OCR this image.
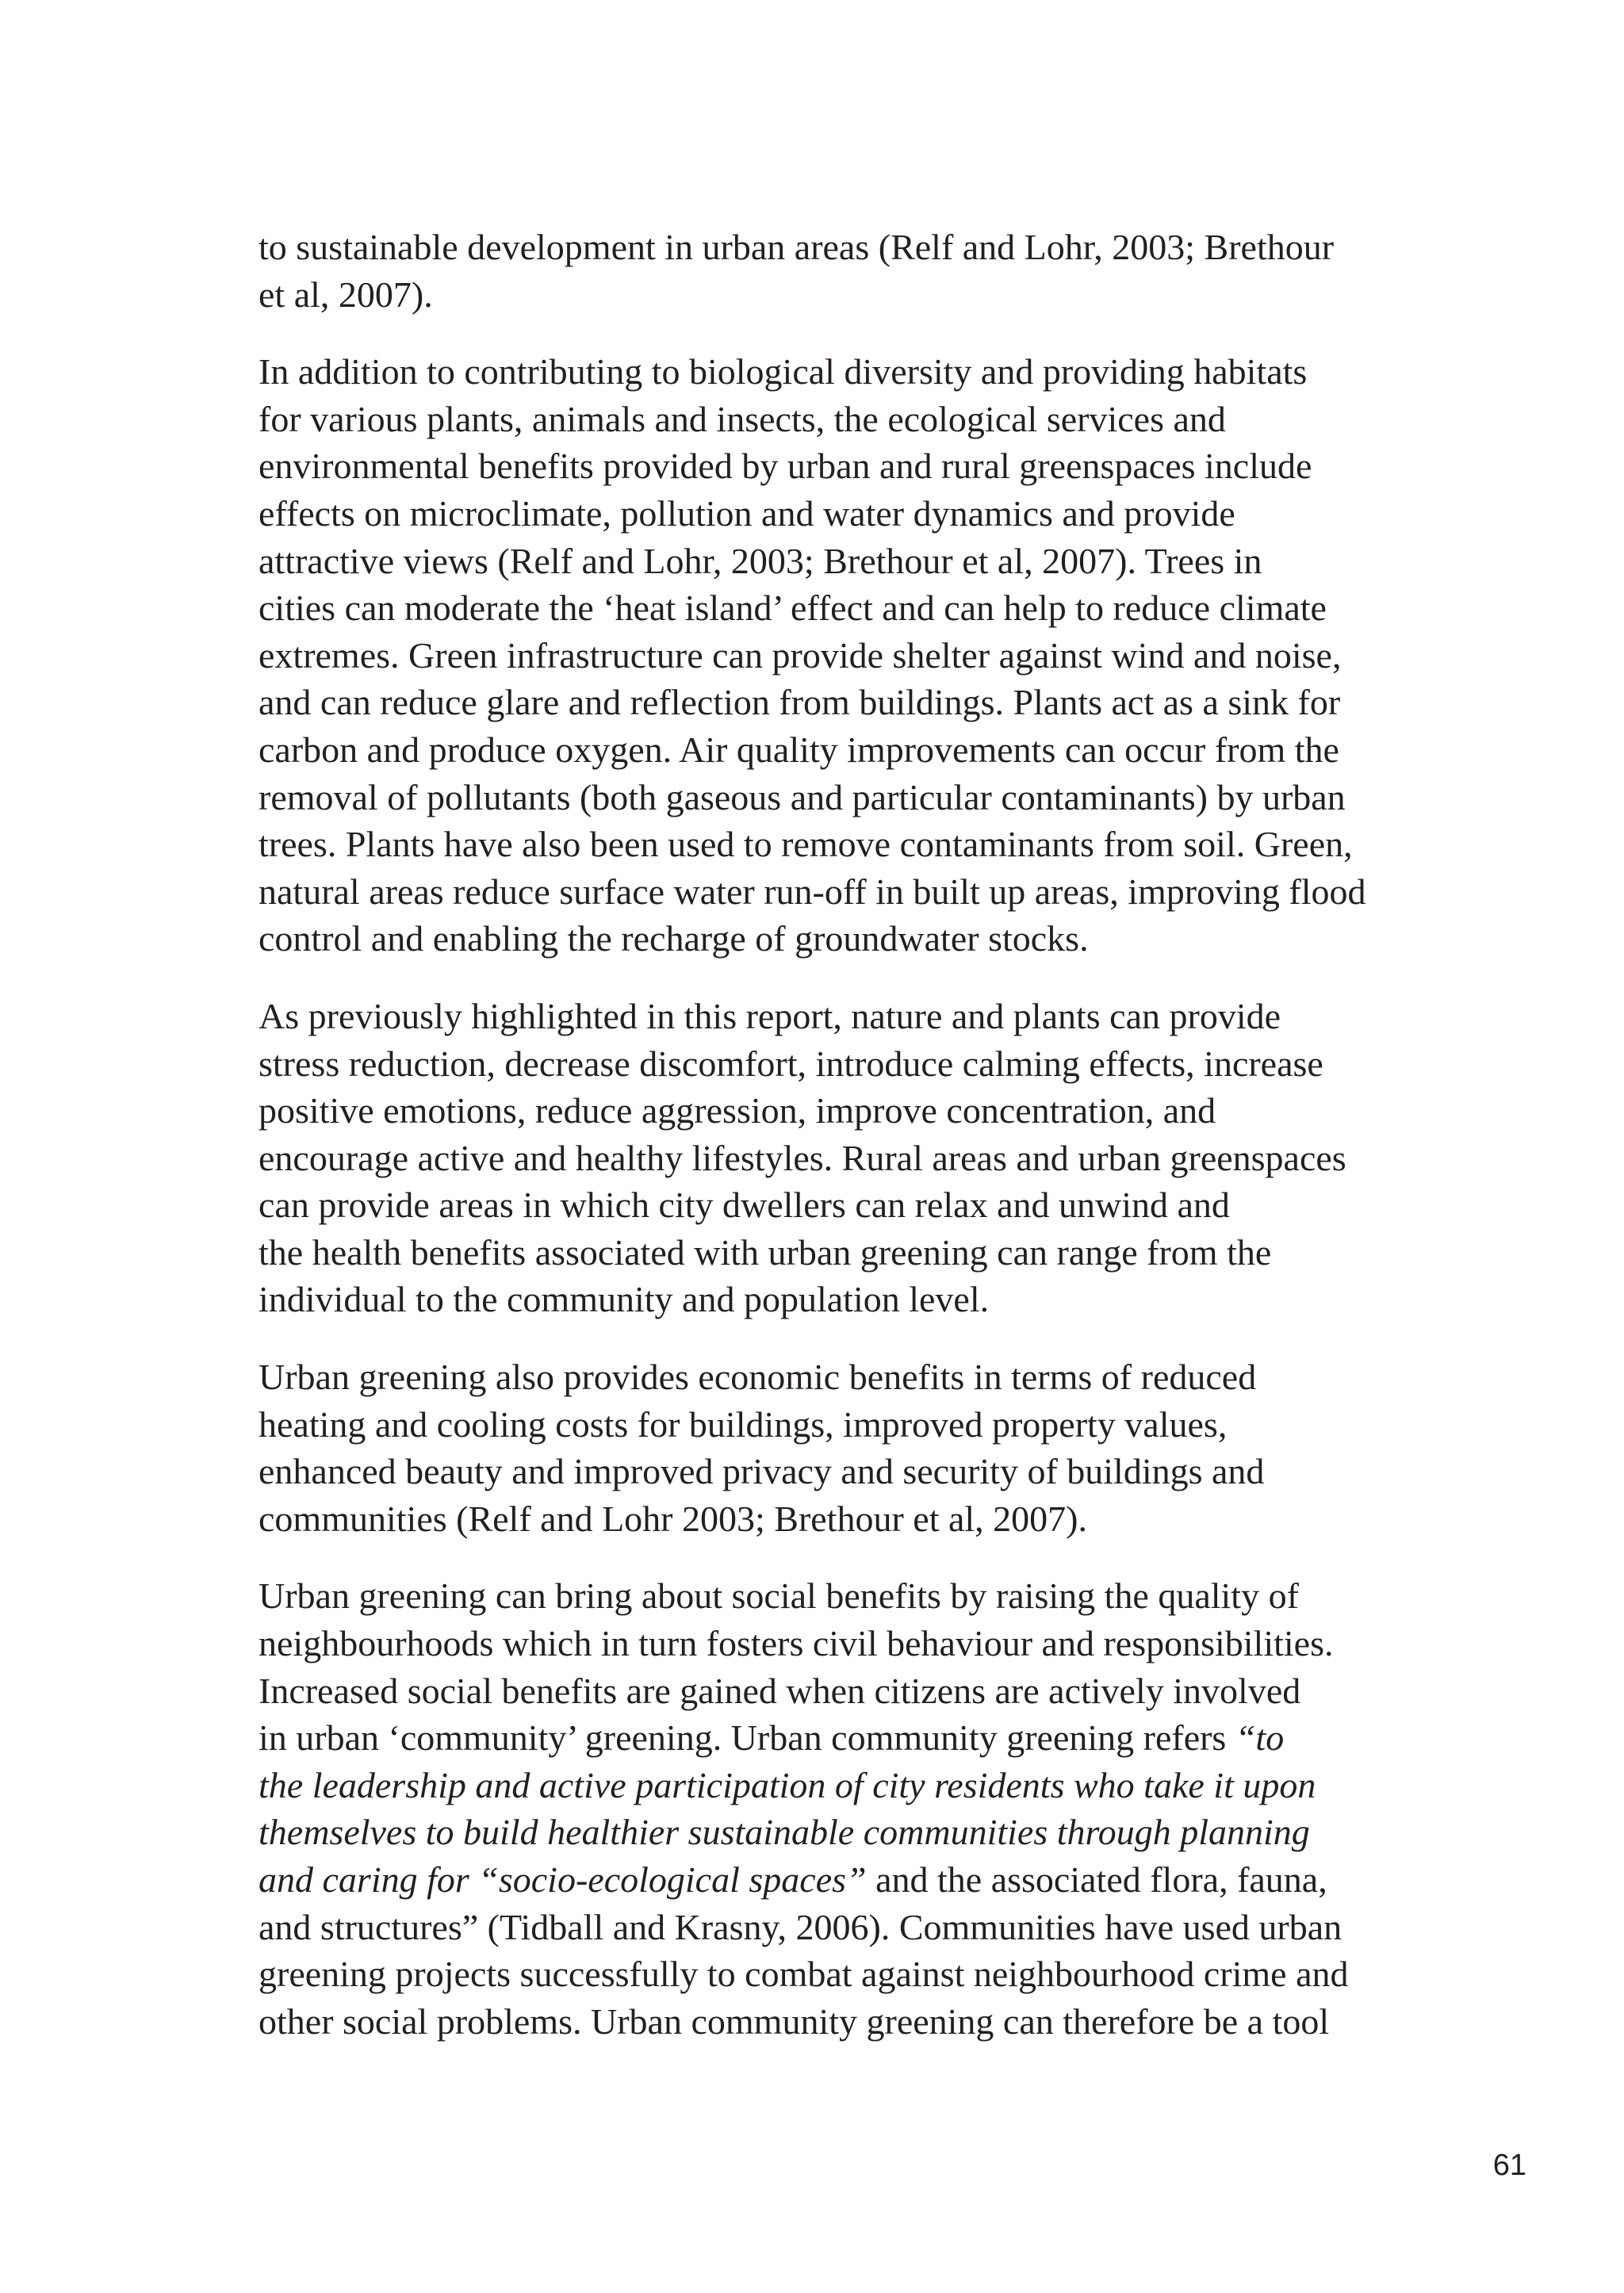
to sustainable development in urban areas (Relf and Lohr, 2003; Brethour
et al, 2007).

In addition to contributing to biological diversity and providing habitats
for various plants, animals and insects, the ecological services and
environmental benefits provided by urban and rural greenspaces include
effects on microclimate, pollution and water dynamics and provide
attractive views (Relf and Lohr, 2003; Brethour et al, 2007). Trees in
cities can moderate the ‘heat island’ effect and can help to reduce climate
extremes. Green infrastructure can provide shelter against wind and noise,
and can reduce glare and reflection from buildings. Plants act as a sink for
carbon and produce oxygen. Air quality improvements can occur from the
removal of pollutants (both gaseous and particular contaminants) by urban
trees. Plants have also been used to remove contaminants from soil. Green,
natural areas reduce surface water run-off in built up areas, improving flood
control and enabling the recharge of groundwater stocks.

As previously highlighted in this report, nature and plants can provide
stress reduction, decrease discomfort, introduce calming effects, increase
positive emotions, reduce aggression, improve concentration, and
encourage active and healthy lifestyles. Rural areas and urban greenspaces
can provide areas in which city dwellers can relax and unwind and
the health benefits associated with urban greening can range from the
individual to the community and population level.

Urban greening also provides economic benefits in terms of reduced
heating and cooling costs for buildings, improved property values,
enhanced beauty and improved privacy and security of buildings and
communities (Relf and Lohr 2003; Brethour et al, 2007).

Urban greening can bring about social benefits by raising the quality of
neighbourhoods which in turn fosters civil behaviour and responsibilities.
Increased social benefits are gained when citizens are actively involved
in urban ‘community’ greening. Urban community greening refers “to
the leadership and active participation of city residents who take it upon
themselves to build healthier sustainable communities through planning
and caring for “socio-ecological spaces” and the associated flora, fauna,
and structures” (Tidball and Krasny, 2006). Communities have used urban
greening projects successfully to combat against neighbourhood crime and
other social problems. Urban community greening can therefore be a tool

61
